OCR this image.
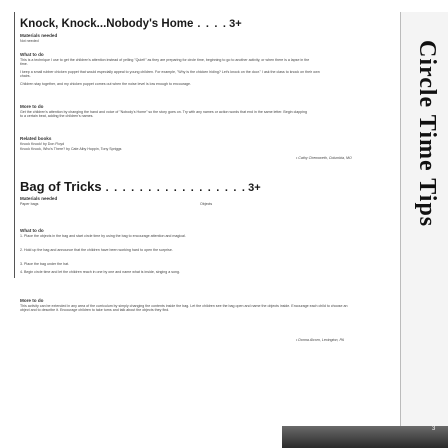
Knock, Knock...Nobody's Home . . . . 3+
Materials needed
Not needed
What to do
This is a technique I use to get the children's attention instead of yelling "Quiet!" as they are preparing for circle time, beginning to go to another activity, or when there is a lapse in the time.
I keep a small rubber chicken puppet that would especially appeal to young children. For example, "Why is the chicken hiding? Let's knock on the door." I ask the class to knock on their own chairs.
Children stay together, and my chicken puppet comes out when the noise level is low enough to encourage.
More to do
Get the children's attention by changing the hand and voice of "Nobody's Home" so the story goes on. Try with any names or action words that end in the same letter. Begin clapping to a certain beat, adding the children's names.
Related books
Knock Knock! by Don Floyd
Knock Knock, Who's There? by Cate Alby Hoppin, Tony Spriggs
• Cathy Chenoweth, Columbia, MO
Bag of Tricks . . . . . . . . . . . . . . . . . 3+
Materials needed
Paper bags	Objects
What to do
1. Place the objects in the bag and start circle time by using the bag to encourage attention and magical.
2. Hold up the bag and announce that the children have been working hard to open the surprise.
3. Place the bag under the hat.
4. Begin circle time and let the children reach in one by one and name what is inside, singing a song.
More to do
This activity can be extended in any area of the curriculum by simply changing the contents inside the bag. Let the children see the bag open and name the objects inside. Encourage each child to choose an object and to describe it. Encourage children to take turns and talk about the objects they find.
• Donna Alcorn, Lexington, PA
Circle Time Tips
3
